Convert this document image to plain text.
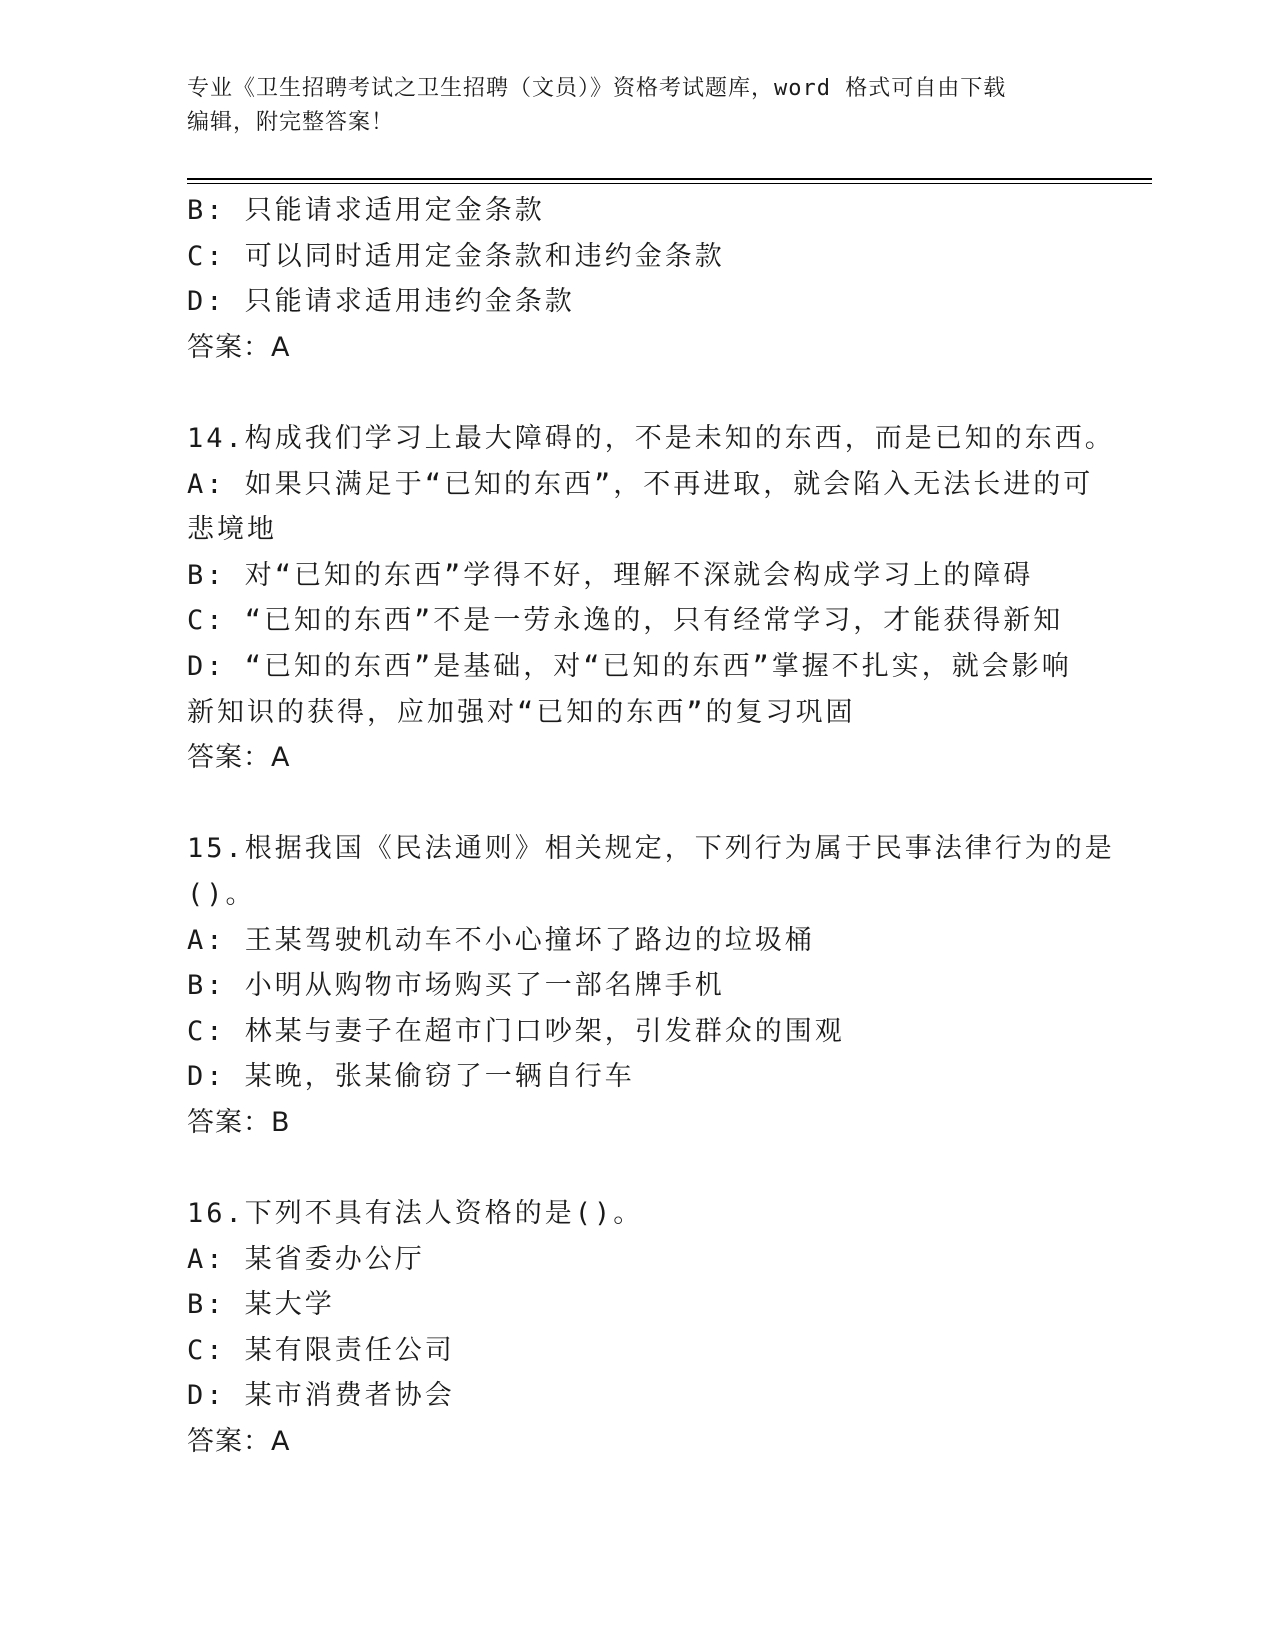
专业《卫生招聘考试之卫生招聘（文员）》资格考试题库，word 格式可自由下载
编辑，附完整答案！

B: 只能请求适用定金条款

C: 可以同时适用定金条款和违约金条款

D: 只能请求适用违约金条款

答案：A

14.构成我们学习上最大障碍的，不是未知的东西，而是已知的东西。

A: 如果只满足于“已知的东西”，不再进取，就会陷入无法长进的可

悲境地

B: 对“已知的东西”学得不好，理解不深就会构成学习上的障碍

C: “已知的东西”不是一劳永逸的，只有经常学习，才能获得新知

D: “已知的东西”是基础，对“已知的东西”掌握不扎实，就会影响

新知识的获得，应加强对“已知的东西”的复习巩固

答案：A

15.根据我国《民法通则》相关规定，下列行为属于民事法律行为的是

()。

A: 王某驾驶机动车不小心撞坏了路边的垃圾桶

B: 小明从购物市场购买了一部名牌手机

C: 林某与妻子在超市门口吵架，引发群众的围观

D: 某晚，张某偷窃了一辆自行车

答案：B

16.下列不具有法人资格的是()。

A: 某省委办公厅

B: 某大学

C: 某有限责任公司

D: 某市消费者协会

答案：A
